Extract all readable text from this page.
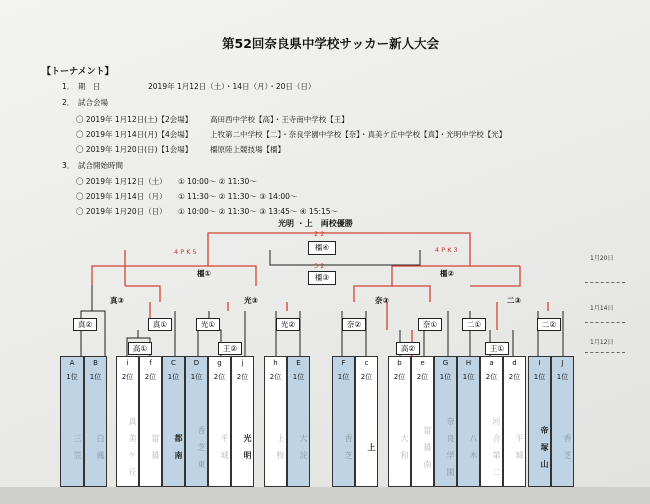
第52回奈良県中学校サッカー新人大会
【トーナメント】
1． 期　日	2019年 1月12日（土）・14日（月）・20日（日）
2． 試合会場
〇 2019年 1月12日(土)【2会場】 高田西中学校【高】・王寺南中学校【王】
〇 2019年 1月14日(月)【4会場】 上牧第二中学校【二】・奈良学園中学校【奈】・真美ケ丘中学校【真】・光明中学校【光】
〇 2019年 1月20日(日)【1会場】 橿原陸上競技場【橿】
3． 試合開始時間
〇 2019年 1月12日（土） ① 10:00～ ② 11:30～
〇 2019年 1月14日（月） ① 11:30～ ② 11:30～ ③ 14:00～
〇 2019年 1月20日（日） ① 10:00～ ② 11:30～ ③ 13:45～ ④ 15:15～
光明 ・上　両校優勝
橿④
橿③
橿①	橿②
4 P K 5	4 P K 3
2 2
3 2
真③	光③	奈③	二③
真②	真①	光①	光②	奈②	奈①	二①	二②
高①	王②	高②	王①
1月20日
1月14日
1月12日
A
1位
三 笠
B
1位
白 鳳
i
2位
真 美 ケ 丘
f
2位
富 雄
C
1位
都 南
D
1位
香 芝 東
g
2位
平 城
j
2位
光 明
h
2位
上 牧
E
1位
大 淀
F
1位
香 芝
c
2位
上
b
2位
大 和
e
2位
富 雄 南
G
1位
奈 良 学 園
H
1位
八 木
a
2位
河 合 第 二
d
2位
平 城
I
1位
帝 塚 山
J
1位
香 芝
